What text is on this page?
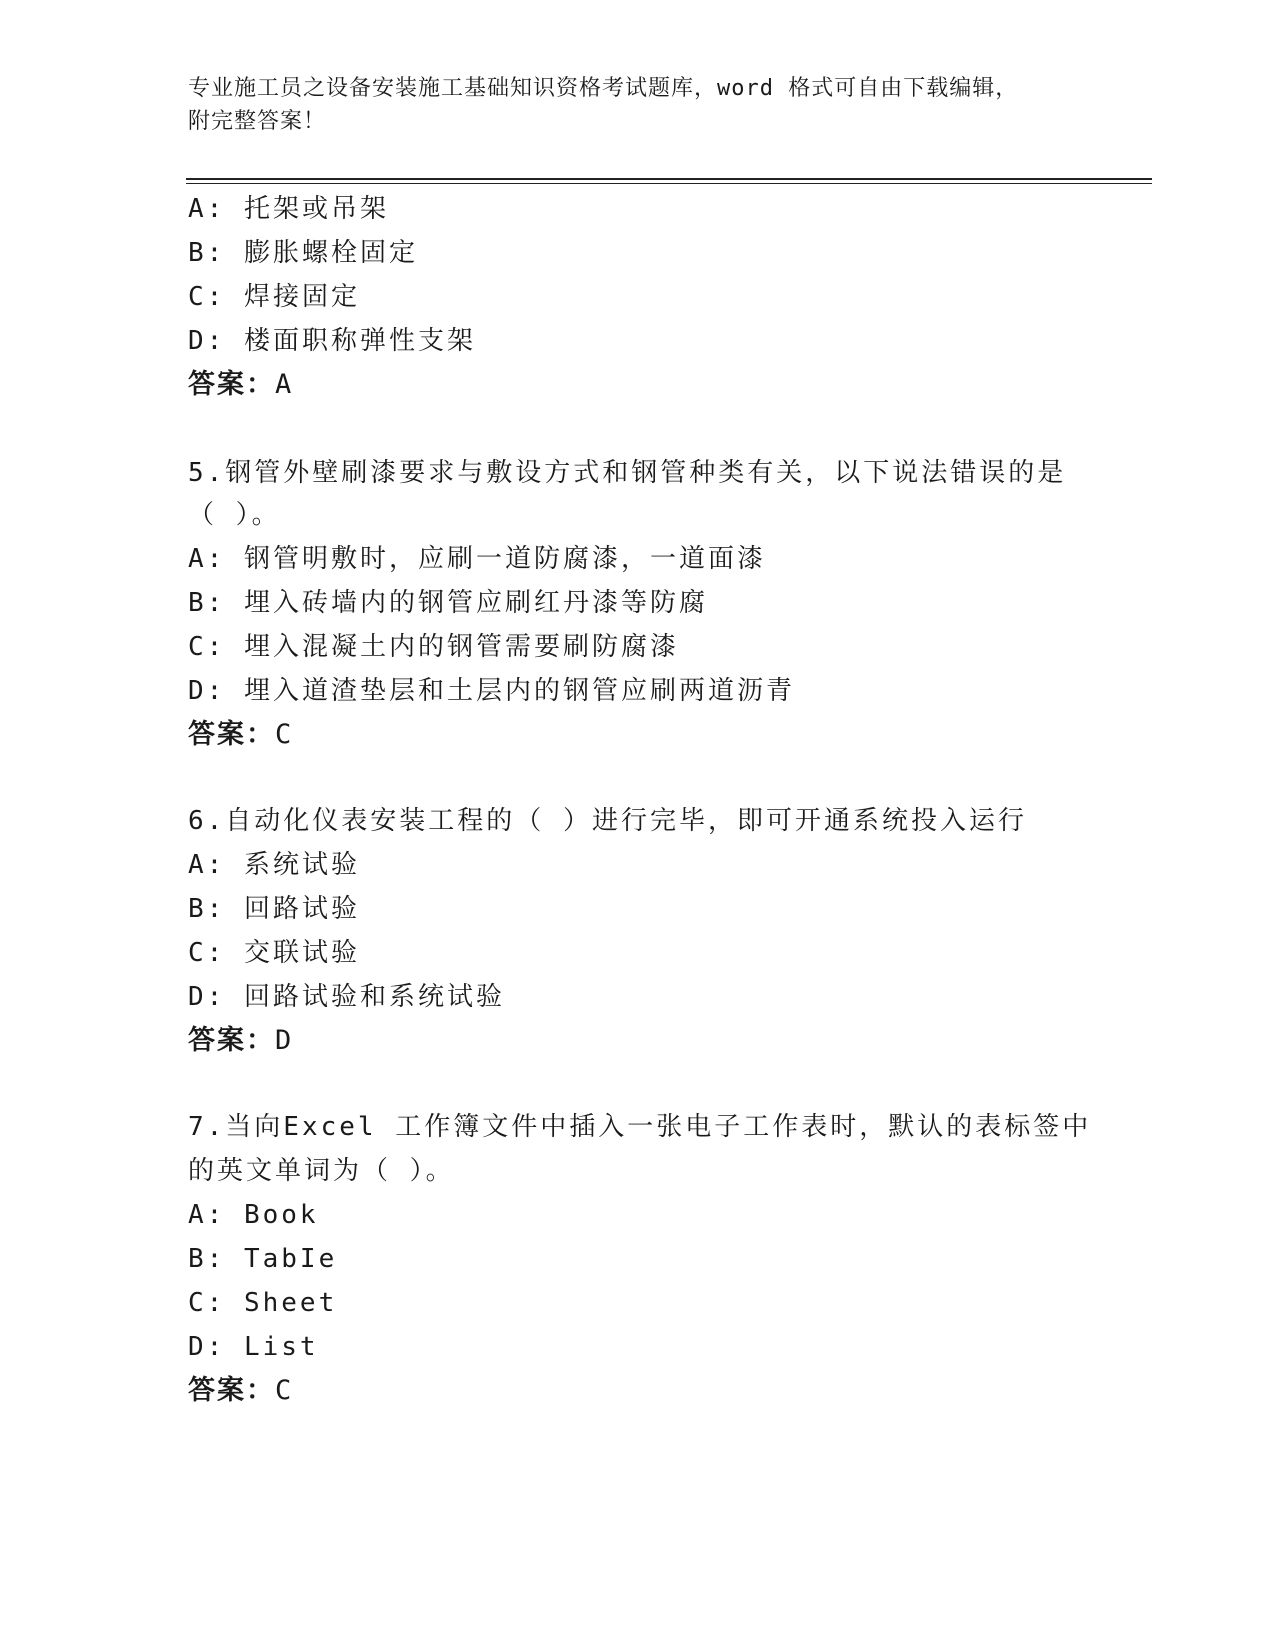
专业施工员之设备安装施工基础知识资格考试题库，word 格式可自由下载编辑，
附完整答案！
A: 托架或吊架
B: 膨胀螺栓固定
C: 焊接固定
D: 楼面职称弹性支架
答案：A
5.钢管外壁刷漆要求与敷设方式和钢管种类有关，以下说法错误的是
（ ）。
A: 钢管明敷时，应刷一道防腐漆，一道面漆
B: 埋入砖墙内的钢管应刷红丹漆等防腐
C: 埋入混凝土内的钢管需要刷防腐漆
D: 埋入道渣垫层和土层内的钢管应刷两道沥青
答案：C
6.自动化仪表安装工程的（ ）进行完毕，即可开通系统投入运行
A: 系统试验
B: 回路试验
C: 交联试验
D: 回路试验和系统试验
答案：D
7.当向Excel 工作簿文件中插入一张电子工作表时，默认的表标签中
的英文单词为（ ）。
A: Book
B: TabIe
C: Sheet
D: List
答案：C
